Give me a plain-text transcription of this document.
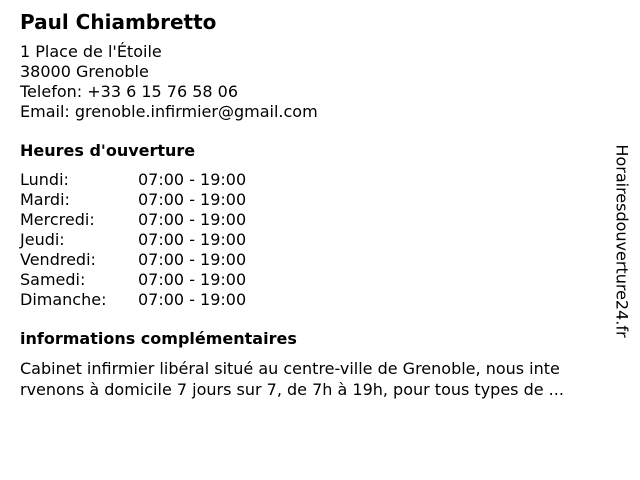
Paul Chiambretto
1 Place de l'Étoile
38000 Grenoble
Telefon: +33 6 15 76 58 06
Email: grenoble.infirmier@gmail.com
Heures d'ouverture
Lundi:	07:00 - 19:00
Mardi:	07:00 - 19:00
Mercredi:	07:00 - 19:00
Jeudi:	07:00 - 19:00
Vendredi:	07:00 - 19:00
Samedi:	07:00 - 19:00
Dimanche:	07:00 - 19:00
informations complémentaires
Cabinet infirmier libéral situé au centre-ville de Grenoble, nous inte
rvenons à domicile 7 jours sur 7, de 7h à 19h, pour tous types de ...
Horairesdouverture24.fr
